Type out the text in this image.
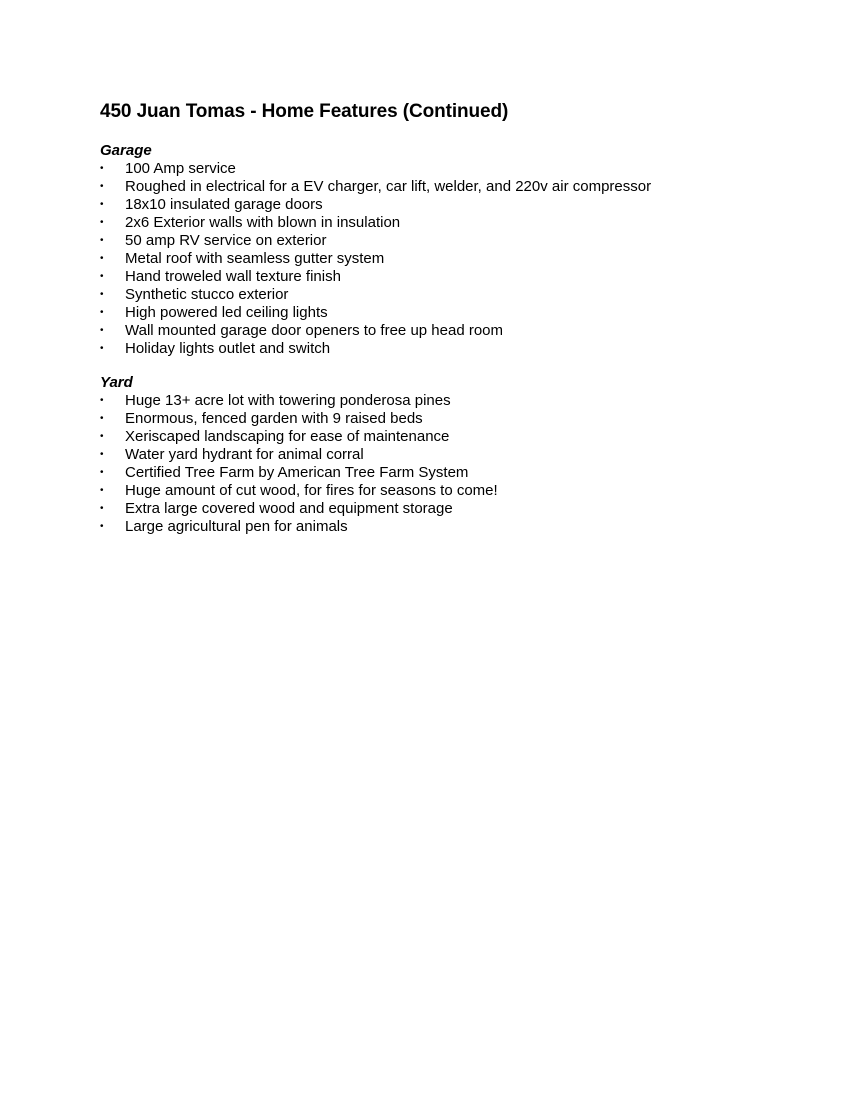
450 Juan Tomas - Home Features (Continued)
Garage
•	100 Amp service
•	Roughed in electrical for a EV charger, car lift, welder, and 220v air compressor
•	18x10 insulated garage doors
•	2x6 Exterior walls with blown in insulation
•	50 amp RV service on exterior
•	Metal roof with seamless gutter system
•	Hand troweled wall texture finish
•	Synthetic stucco exterior
•	High powered led ceiling lights
•	Wall mounted garage door openers to free up head room
•	Holiday lights outlet and switch
Yard
•	Huge 13+ acre lot with towering ponderosa pines
•	Enormous, fenced garden with 9 raised beds
•	Xeriscaped landscaping for ease of maintenance
•	Water yard hydrant for animal corral
•	Certified Tree Farm by American Tree Farm System
•	Huge amount of cut wood, for fires for seasons to come!
•	Extra large covered wood and equipment storage
•	Large agricultural pen for animals
